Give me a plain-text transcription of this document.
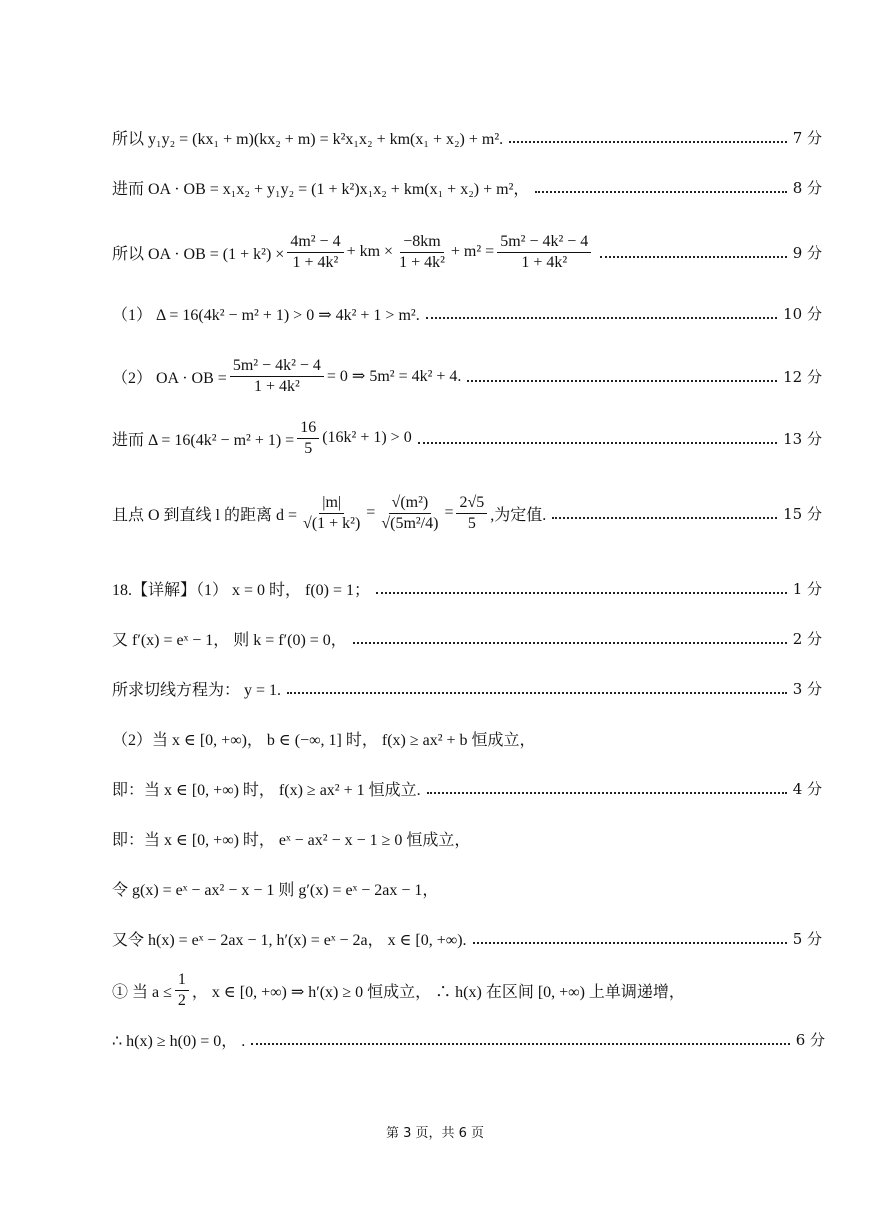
所以 y₁y₂ = (kx₁ + m)(kx₂ + m) = k²x₁x₂ + km(x₁ + x₂) + m².	7 分
进而 OA · OB = x₁x₂ + y₁y₂ = (1 + k²)x₁x₂ + km(x₁ + x₂) + m²，	8 分
所以 OA · OB = $(1 + k^2) \times \frac{\text{4m² − 4}}{\text{1 + 4k²}}$ + km × $\frac{-8km}{\text{1 + 4k²}} + m^2 = \frac{\text{5m² − 4k² − 4}}{\text{1 + 4k²}}$	9 分
（1） Δ = 16(4k² − m² + 1) > 0 ⇒ 4k² + 1 > m².	10 分
（2） OA · OB = $\frac{\text{5m² − 4k² − 4}}{\text{1 + 4k²}} = 0$ ⇒ 5m² = 4k² + 4.	12 分
进而 $\Delta = 16(4k^2 - m^2 + 1) = \frac{16}{5} (16k^2 + 1) > 0$	13 分
且点 O 到直线 l 的距离 $d = \frac{|m|}{\text{√(1 + k²)}} = \frac{\text{√(m²)}}{\text{√(5m²/4)}} = \frac{2√5}{5}$ ,为定值.	15 分
18.【详解】（1） x = 0 时， f(0) = 1；	1 分
又 f′(x) = eˣ − 1， 则 k = f′(0) = 0，	2 分
所求切线方程为： y = 1.	3 分
（2）当 x ∈ [0, +∞)， b ∈ (−∞, 1] 时， f(x) ≥ ax² + b 恒成立，
即：当 x ∈ [0, +∞) 时， f(x) ≥ ax² + 1 恒成立.	4 分
即：当 x ∈ [0, +∞) 时， eˣ − ax² − x − 1 ≥ 0 恒成立，
令 g(x) = eˣ − ax² − x − 1 则 g′(x) = eˣ − 2ax − 1，
又令 h(x) = eˣ − 2ax − 1, h′(x) = eˣ − 2a， x ∈ [0, +∞).	5 分
① 当 $a \le \frac{1}{2}$ ， x ∈ [0, +∞) ⇒ h′(x) ≥ 0 恒成立， ∴ h(x) 在区间 [0, +∞) 上单调递增，
∴ h(x) ≥ h(0) = 0， .	6 分
第 3 页，共 6 页
